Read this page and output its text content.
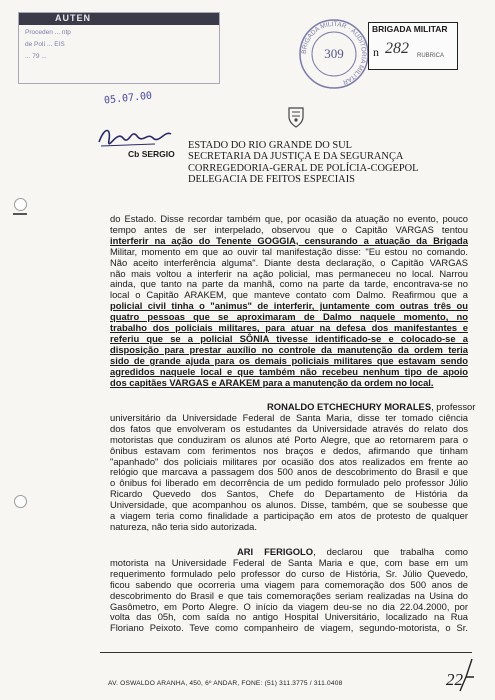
AUTEN
Proceden ... ntp
de Polí ... EIS
... 79 ...
05.07.00
Cb SERGIO
BRIGADA MILITAR · AUDITORIA MILITAR
309
BRIGADA MILITAR
n 282 RUBRICA
ESTADO DO RIO GRANDE DO SUL
SECRETARIA DA JUSTIÇA E DA SEGURANÇA
CORREGEDORIA-GERAL DE POLÍCIA-COGEPOL
DELEGACIA DE FEITOS ESPECIAIS
do Estado. Disse recordar também que, por ocasião da atuação no evento, pouco
tempo antes de ser interpelado, observou que o Capitão VARGAS tentou
interferir na ação do Tenente GOGGIA, censurando a atuação da Brigada
Militar, momento em que ao ouvir tal manifestação disse: "Eu estou no comando.
Não aceito interferência alguma". Diante desta declaração, o Capitão VARGAS
não mais voltou a interferir na ação policial, mas permaneceu no local. Narrou
ainda, que tanto na parte da manhã, como na parte da tarde, encontrava-se no
local o Capitão ARAKEM, que manteve contato com Dalmo. Reafirmou que a
policial civil tinha o "animus" de interferir, juntamente com outras três ou
quatro pessoas que se aproximaram de Dalmo naquele momento, no
trabalho dos policiais militares, para atuar na defesa dos manifestantes e
referiu que se a policial SÔNIA tivesse identificado-se e colocado-se a
disposição para prestar auxílio no controle da manutenção da ordem teria
sido de grande ajuda para os demais policiais militares que estavam sendo
agredidos naquele local e que também não recebeu nenhum tipo de apoio
dos capitães VARGAS e ARAKEM para a manutenção da ordem no local.
RONALDO ETCHECHURY MORALES, professor
universitário da Universidade Federal de Santa Maria, disse ter tomado ciência
dos fatos que envolveram os estudantes da Universidade através do relato dos
motoristas que conduziram os alunos até Porto Alegre, que ao retornarem para o
ônibus estavam com ferimentos nos braços e dedos, afirmando que tinham
"apanhado" dos policiais militares por ocasião dos atos realizados em frente ao
relógio que marcava a passagem dos 500 anos de descobrimento do Brasil e que
o ônibus foi liberado em decorrência de um pedido formulado pelo professor Júlio
Ricardo Quevedo dos Santos, Chefe do Departamento de História da
Universidade, que acompanhou os alunos. Disse, também, que se soubesse que
a viagem teria como finalidade a participação em atos de protesto de qualquer
natureza, não teria sido autorizada.
ARI FERIGOLO, declarou que trabalha como
motorista na Universidade Federal de Santa Maria e que, com base em um
requerimento formulado pelo professor do curso de História, Sr. Júlio Quevedo,
ficou sabendo que ocorreria uma viagem para comemoração dos 500 anos de
descobrimento do Brasil e que tais comemorações seriam realizadas na Usina do
Gasômetro, em Porto Alegre. O início da viagem deu-se no dia 22.04.2000, por
volta das 05h, com saída no antigo Hospital Universitário, localizado na Rua
Floriano Peixoto. Teve como companheiro de viagem, segundo-motorista, o Sr.
AV. OSWALDO ARANHA, 450, 6º ANDAR, FONE: (51) 311.3775 / 311.0408	22
